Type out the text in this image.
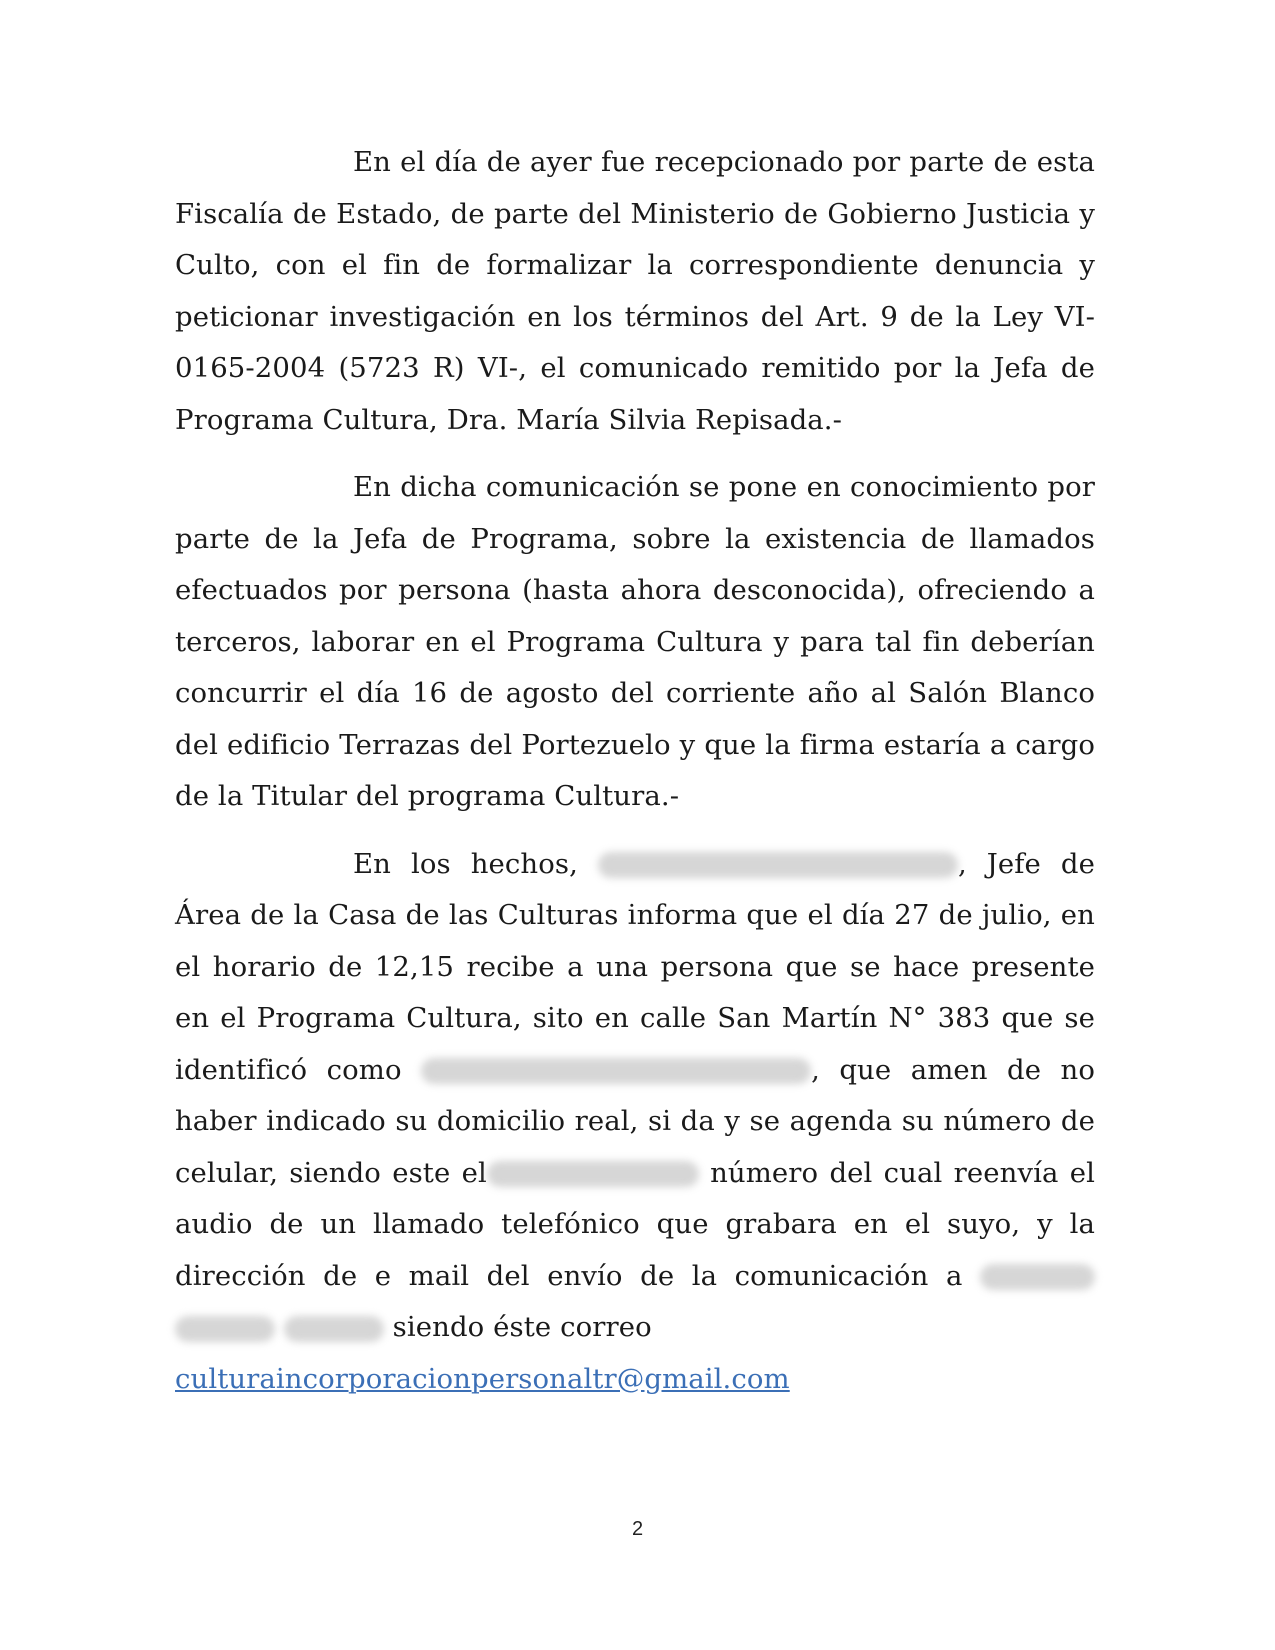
En el día de ayer fue recepcionado por parte de esta Fiscalía de Estado, de parte del Ministerio de Gobierno Justicia y Culto, con el fin de formalizar la correspondiente denuncia y peticionar investigación en los términos del Art. 9 de la Ley VI-0165-2004 (5723 R) VI-, el comunicado remitido por la Jefa de Programa Cultura, Dra. María Silvia Repisada.-

En dicha comunicación se pone en conocimiento por parte de la Jefa de Programa, sobre la existencia de llamados efectuados por persona (hasta ahora desconocida), ofreciendo a terceros, laborar en el Programa Cultura y para tal fin deberían concurrir el día 16 de agosto del corriente año al Salón Blanco del edificio Terrazas del Portezuelo y que la firma estaría a cargo de la Titular del programa Cultura.-

En los hechos,	, Jefe de Área de la Casa de las Culturas informa que el día 27 de julio, en el horario de 12,15 recibe a una persona que se hace presente en el Programa Cultura, sito en calle San Martín N° 383 que se identificó como	, que amen de no haber indicado su domicilio real, si da y se agenda su número de celular, siendo este el	número del cual reenvía el audio de un llamado telefónico que grabara en el suyo, y la dirección de e mail del envío de la comunicación a    siendo éste correo
culturaincorporacionpersonaltr@gmail.com

2
